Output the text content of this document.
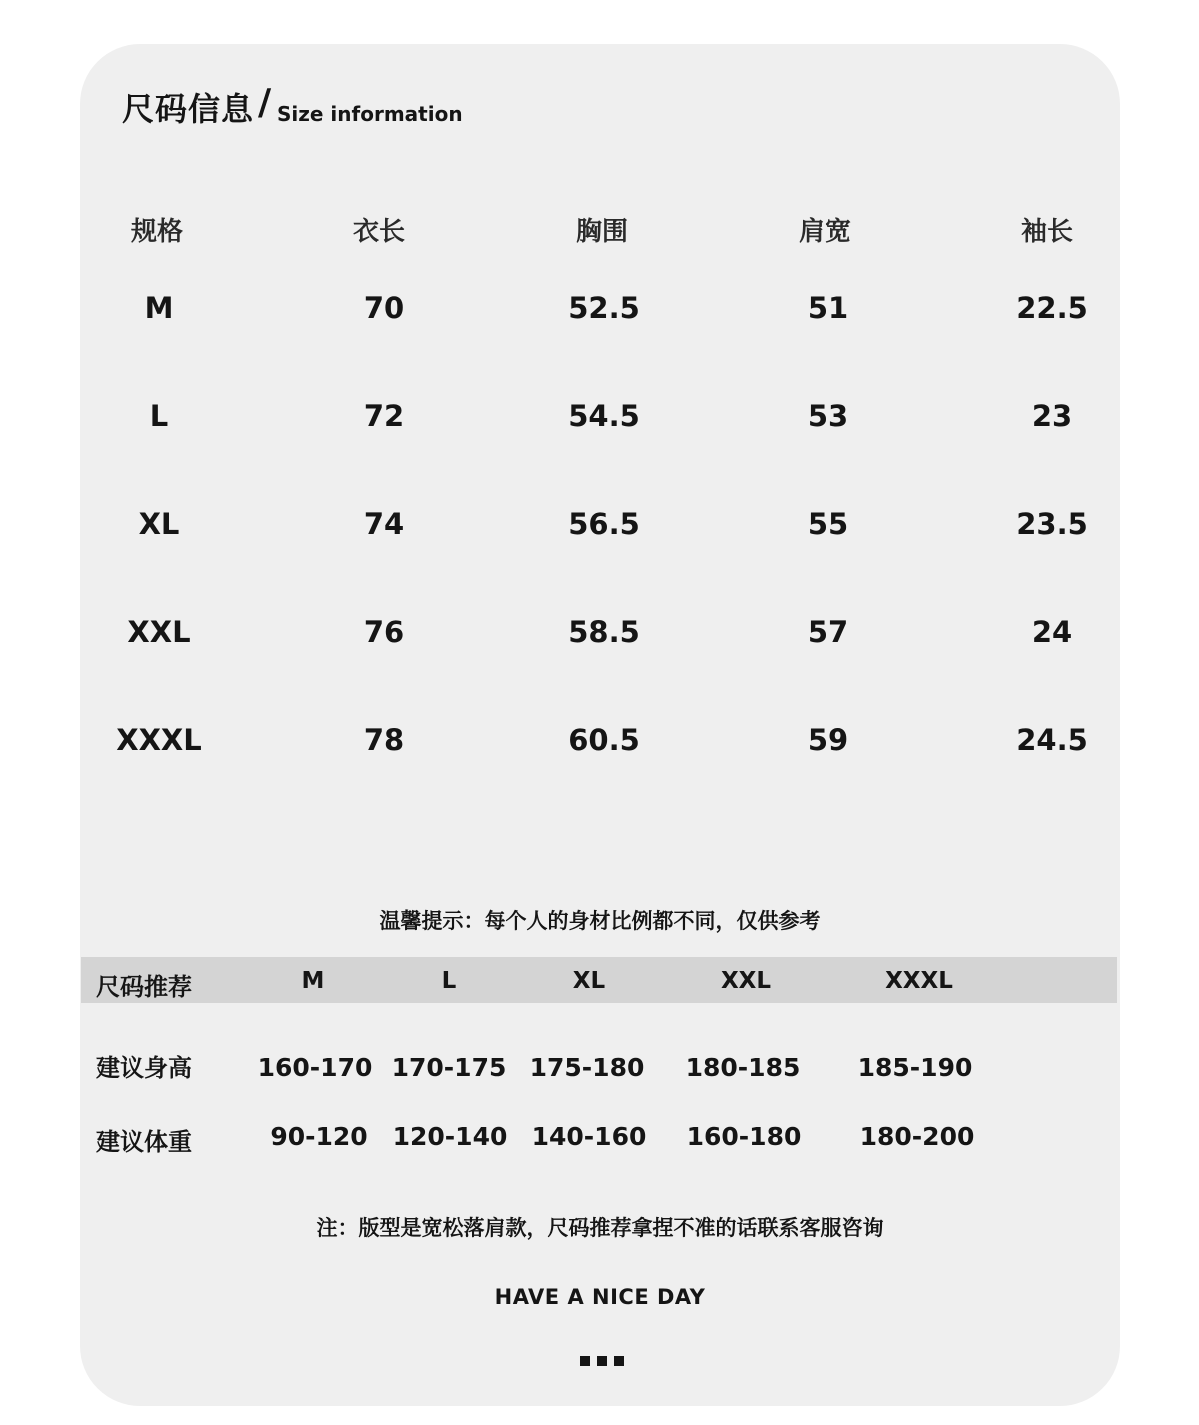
尺码信息 / Size information
规格	衣长	胸围	肩宽	袖长
M	70	52.5	51	22.5
L	72	54.5	53	23
XL	74	56.5	55	23.5
XXL	76	58.5	57	24
XXXL	78	60.5	59	24.5
温馨提示：每个人的身材比例都不同，仅供参考
尺码推荐	M	L	XL	XXL	XXXL
建议身高	160-170 170-175 175-180 180-185 185-190
建议体重	90-120 120-140 140-160 160-180 180-200
注：版型是宽松落肩款，尺码推荐拿捏不准的话联系客服咨询
HAVE A NICE DAY
